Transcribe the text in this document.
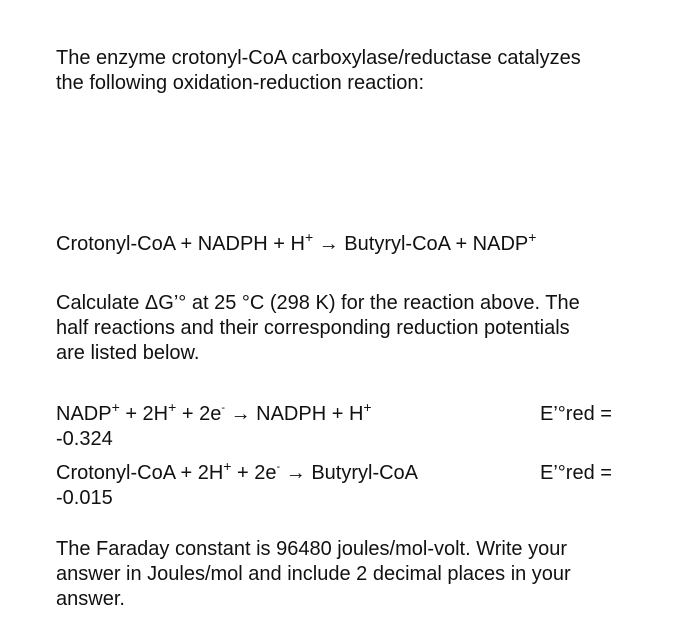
The enzyme crotonyl-CoA carboxylase/reductase catalyzes
the following oxidation-reduction reaction:
Crotonyl-CoA + NADPH + H+ → Butyryl-CoA + NADP+
Calculate ΔG’° at 25 °C (298 K) for the reaction above. The
half reactions and their corresponding reduction potentials
are listed below.
NADP+ + 2H+ + 2e- → NADPH + H+	E’°red =
-0.324
Crotonyl-CoA + 2H+ + 2e- → Butyryl-CoA	E’°red =
-0.015
The Faraday constant is 96480 joules/mol-volt. Write your
answer in Joules/mol and include 2 decimal places in your
answer.
